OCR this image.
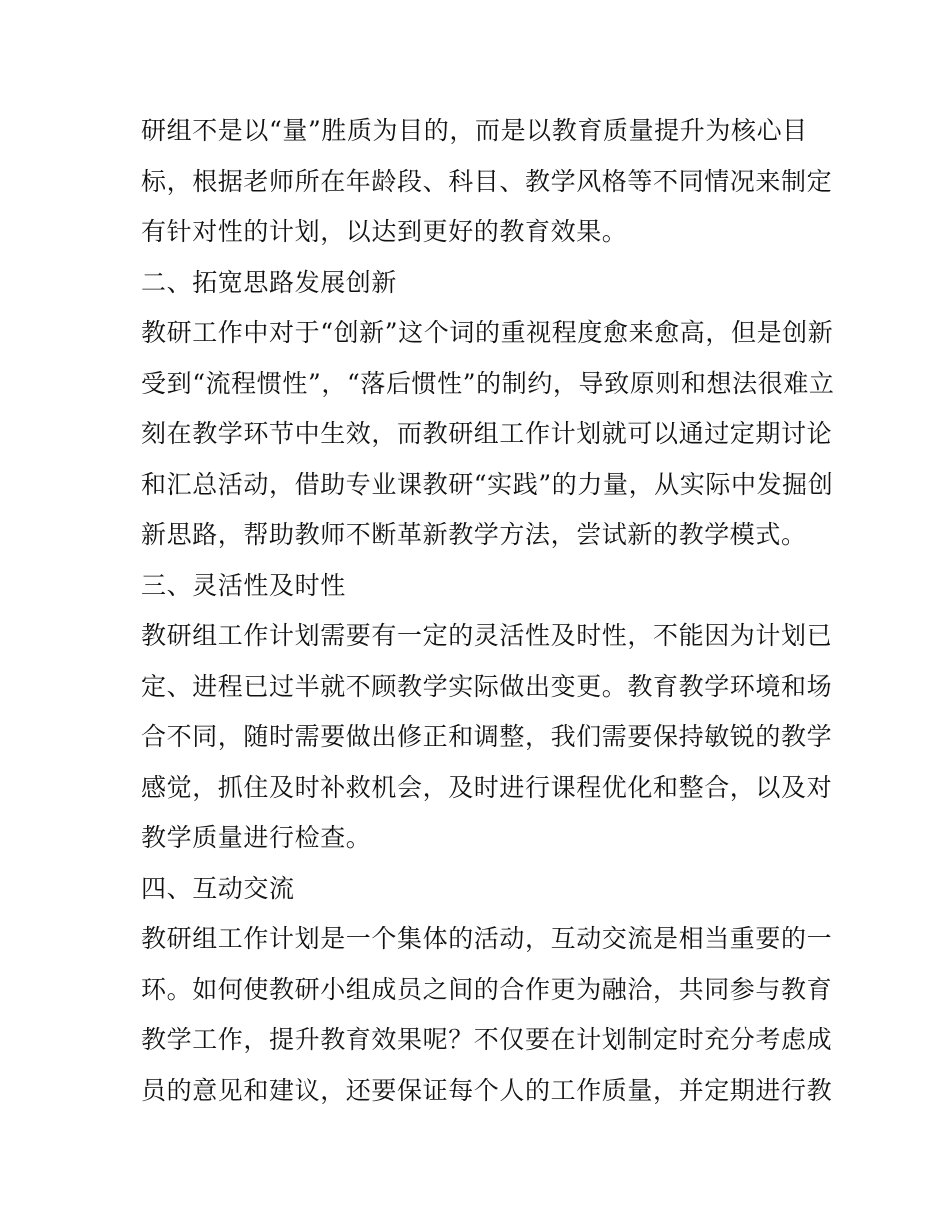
研组不是以“量”胜质为目的，而是以教育质量提升为核心目
标，根据老师所在年龄段、科目、教学风格等不同情况来制定
有针对性的计划，以达到更好的教育效果。
二、拓宽思路发展创新
教研工作中对于“创新”这个词的重视程度愈来愈高，但是创新
受到“流程惯性”，“落后惯性”的制约，导致原则和想法很难立
刻在教学环节中生效，而教研组工作计划就可以通过定期讨论
和汇总活动，借助专业课教研“实践”的力量，从实际中发掘创
新思路，帮助教师不断革新教学方法，尝试新的教学模式。
三、灵活性及时性
教研组工作计划需要有一定的灵活性及时性，不能因为计划已
定、进程已过半就不顾教学实际做出变更。教育教学环境和场
合不同，随时需要做出修正和调整，我们需要保持敏锐的教学
感觉，抓住及时补救机会，及时进行课程优化和整合，以及对
教学质量进行检查。
四、互动交流
教研组工作计划是一个集体的活动，互动交流是相当重要的一
环。如何使教研小组成员之间的合作更为融洽，共同参与教育
教学工作，提升教育效果呢？不仅要在计划制定时充分考虑成
员的意见和建议，还要保证每个人的工作质量，并定期进行教
